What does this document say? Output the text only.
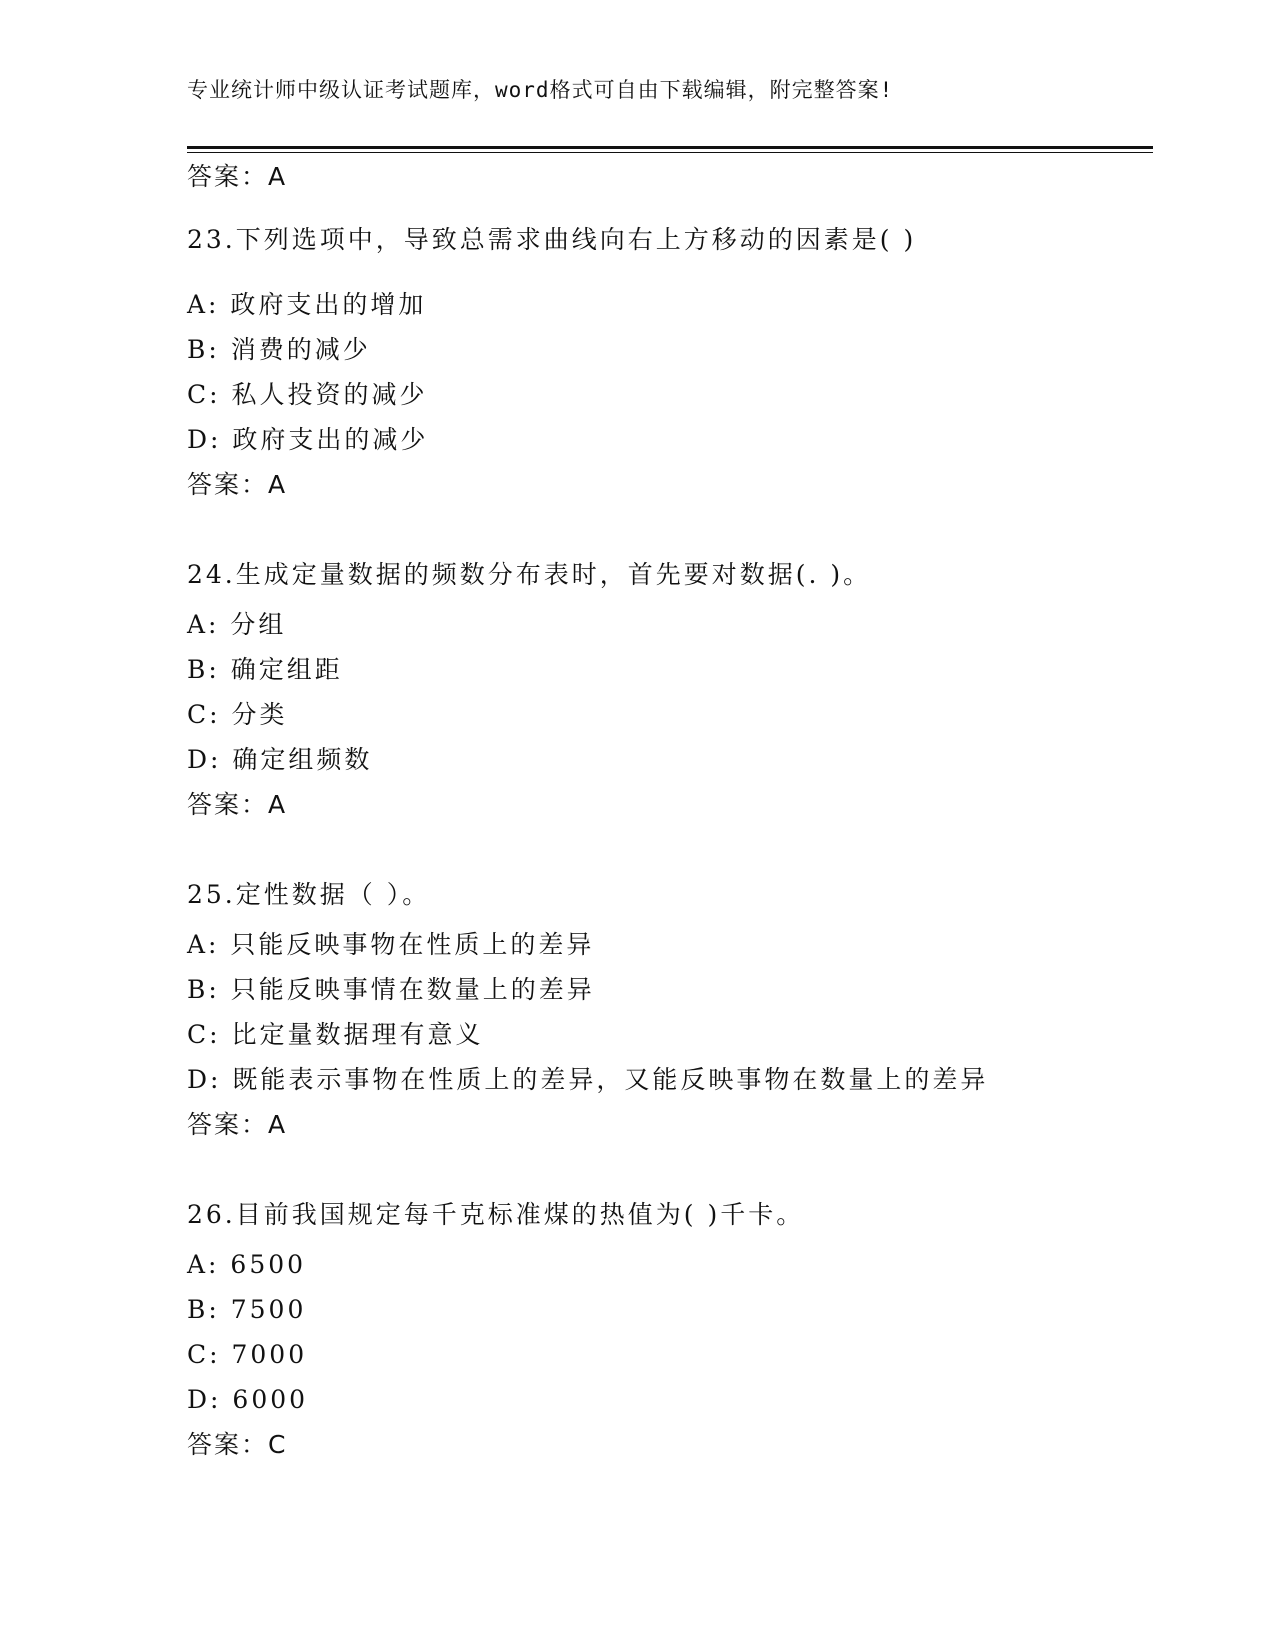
专业统计师中级认证考试题库，word格式可自由下载编辑，附完整答案!
答案：A
23.下列选项中，导致总需求曲线向右上方移动的因素是( )
A: 政府支出的增加
B: 消费的减少
C: 私人投资的减少
D: 政府支出的减少
答案：A
24.生成定量数据的频数分布表时，首先要对数据(. )。
A: 分组
B: 确定组距
C: 分类
D: 确定组频数
答案：A
25.定性数据（ ）。
A: 只能反映事物在性质上的差异
B: 只能反映事情在数量上的差异
C: 比定量数据理有意义
D: 既能表示事物在性质上的差异，又能反映事物在数量上的差异
答案：A
26.目前我国规定每千克标准煤的热值为( )千卡。
A: 6500
B: 7500
C: 7000
D: 6000
答案：C
